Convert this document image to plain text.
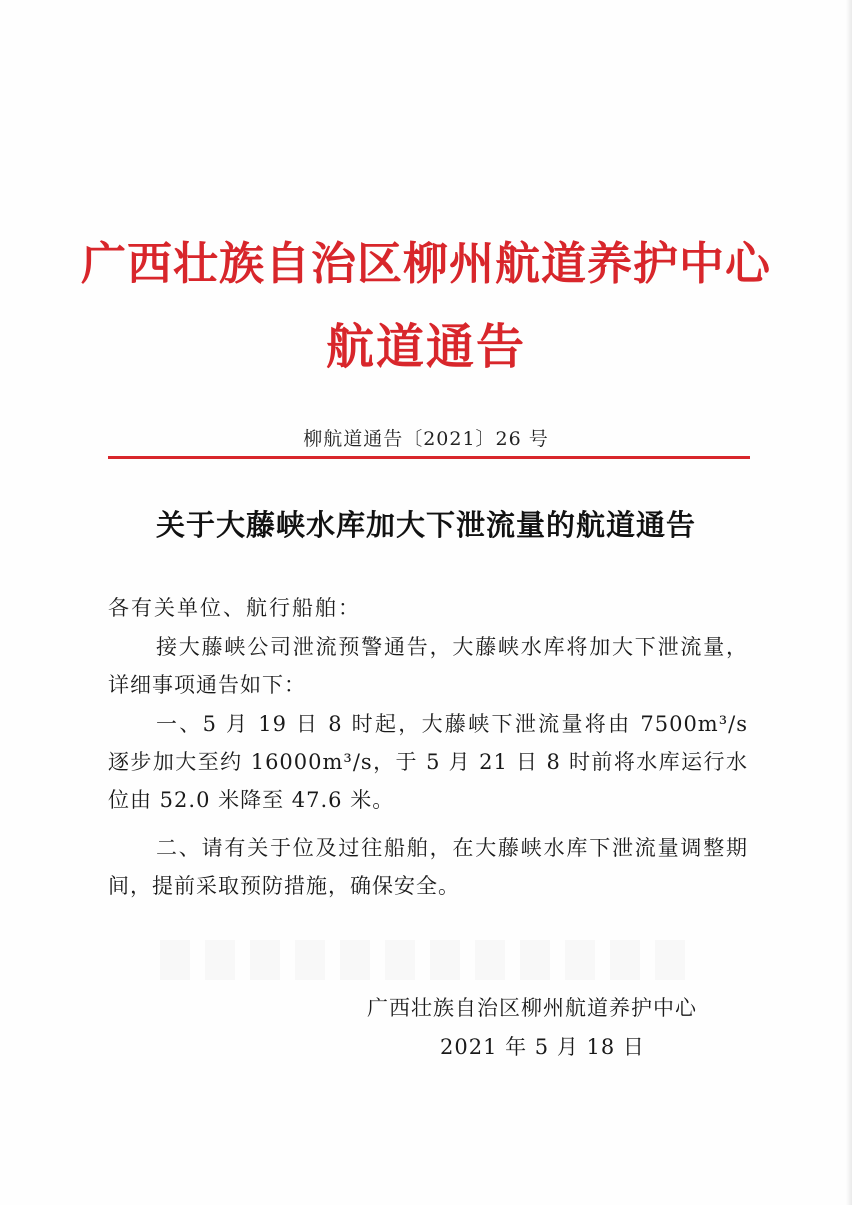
广西壮族自治区柳州航道养护中心
航道通告
柳航道通告〔2021〕26 号
关于大藤峡水库加大下泄流量的航道通告
各有关单位、航行船舶：
接大藤峡公司泄流预警通告，大藤峡水库将加大下泄流量，详细事项通告如下：
一、5 月 19 日 8 时起，大藤峡下泄流量将由 7500m³/s 逐步加大至约 16000m³/s，于 5 月 21 日 8 时前将水库运行水位由 52.0 米降至 47.6 米。
二、请有关于位及过往船舶，在大藤峡水库下泄流量调整期间，提前采取预防措施，确保安全。
广西壮族自治区柳州航道养护中心
2021 年 5 月 18 日
